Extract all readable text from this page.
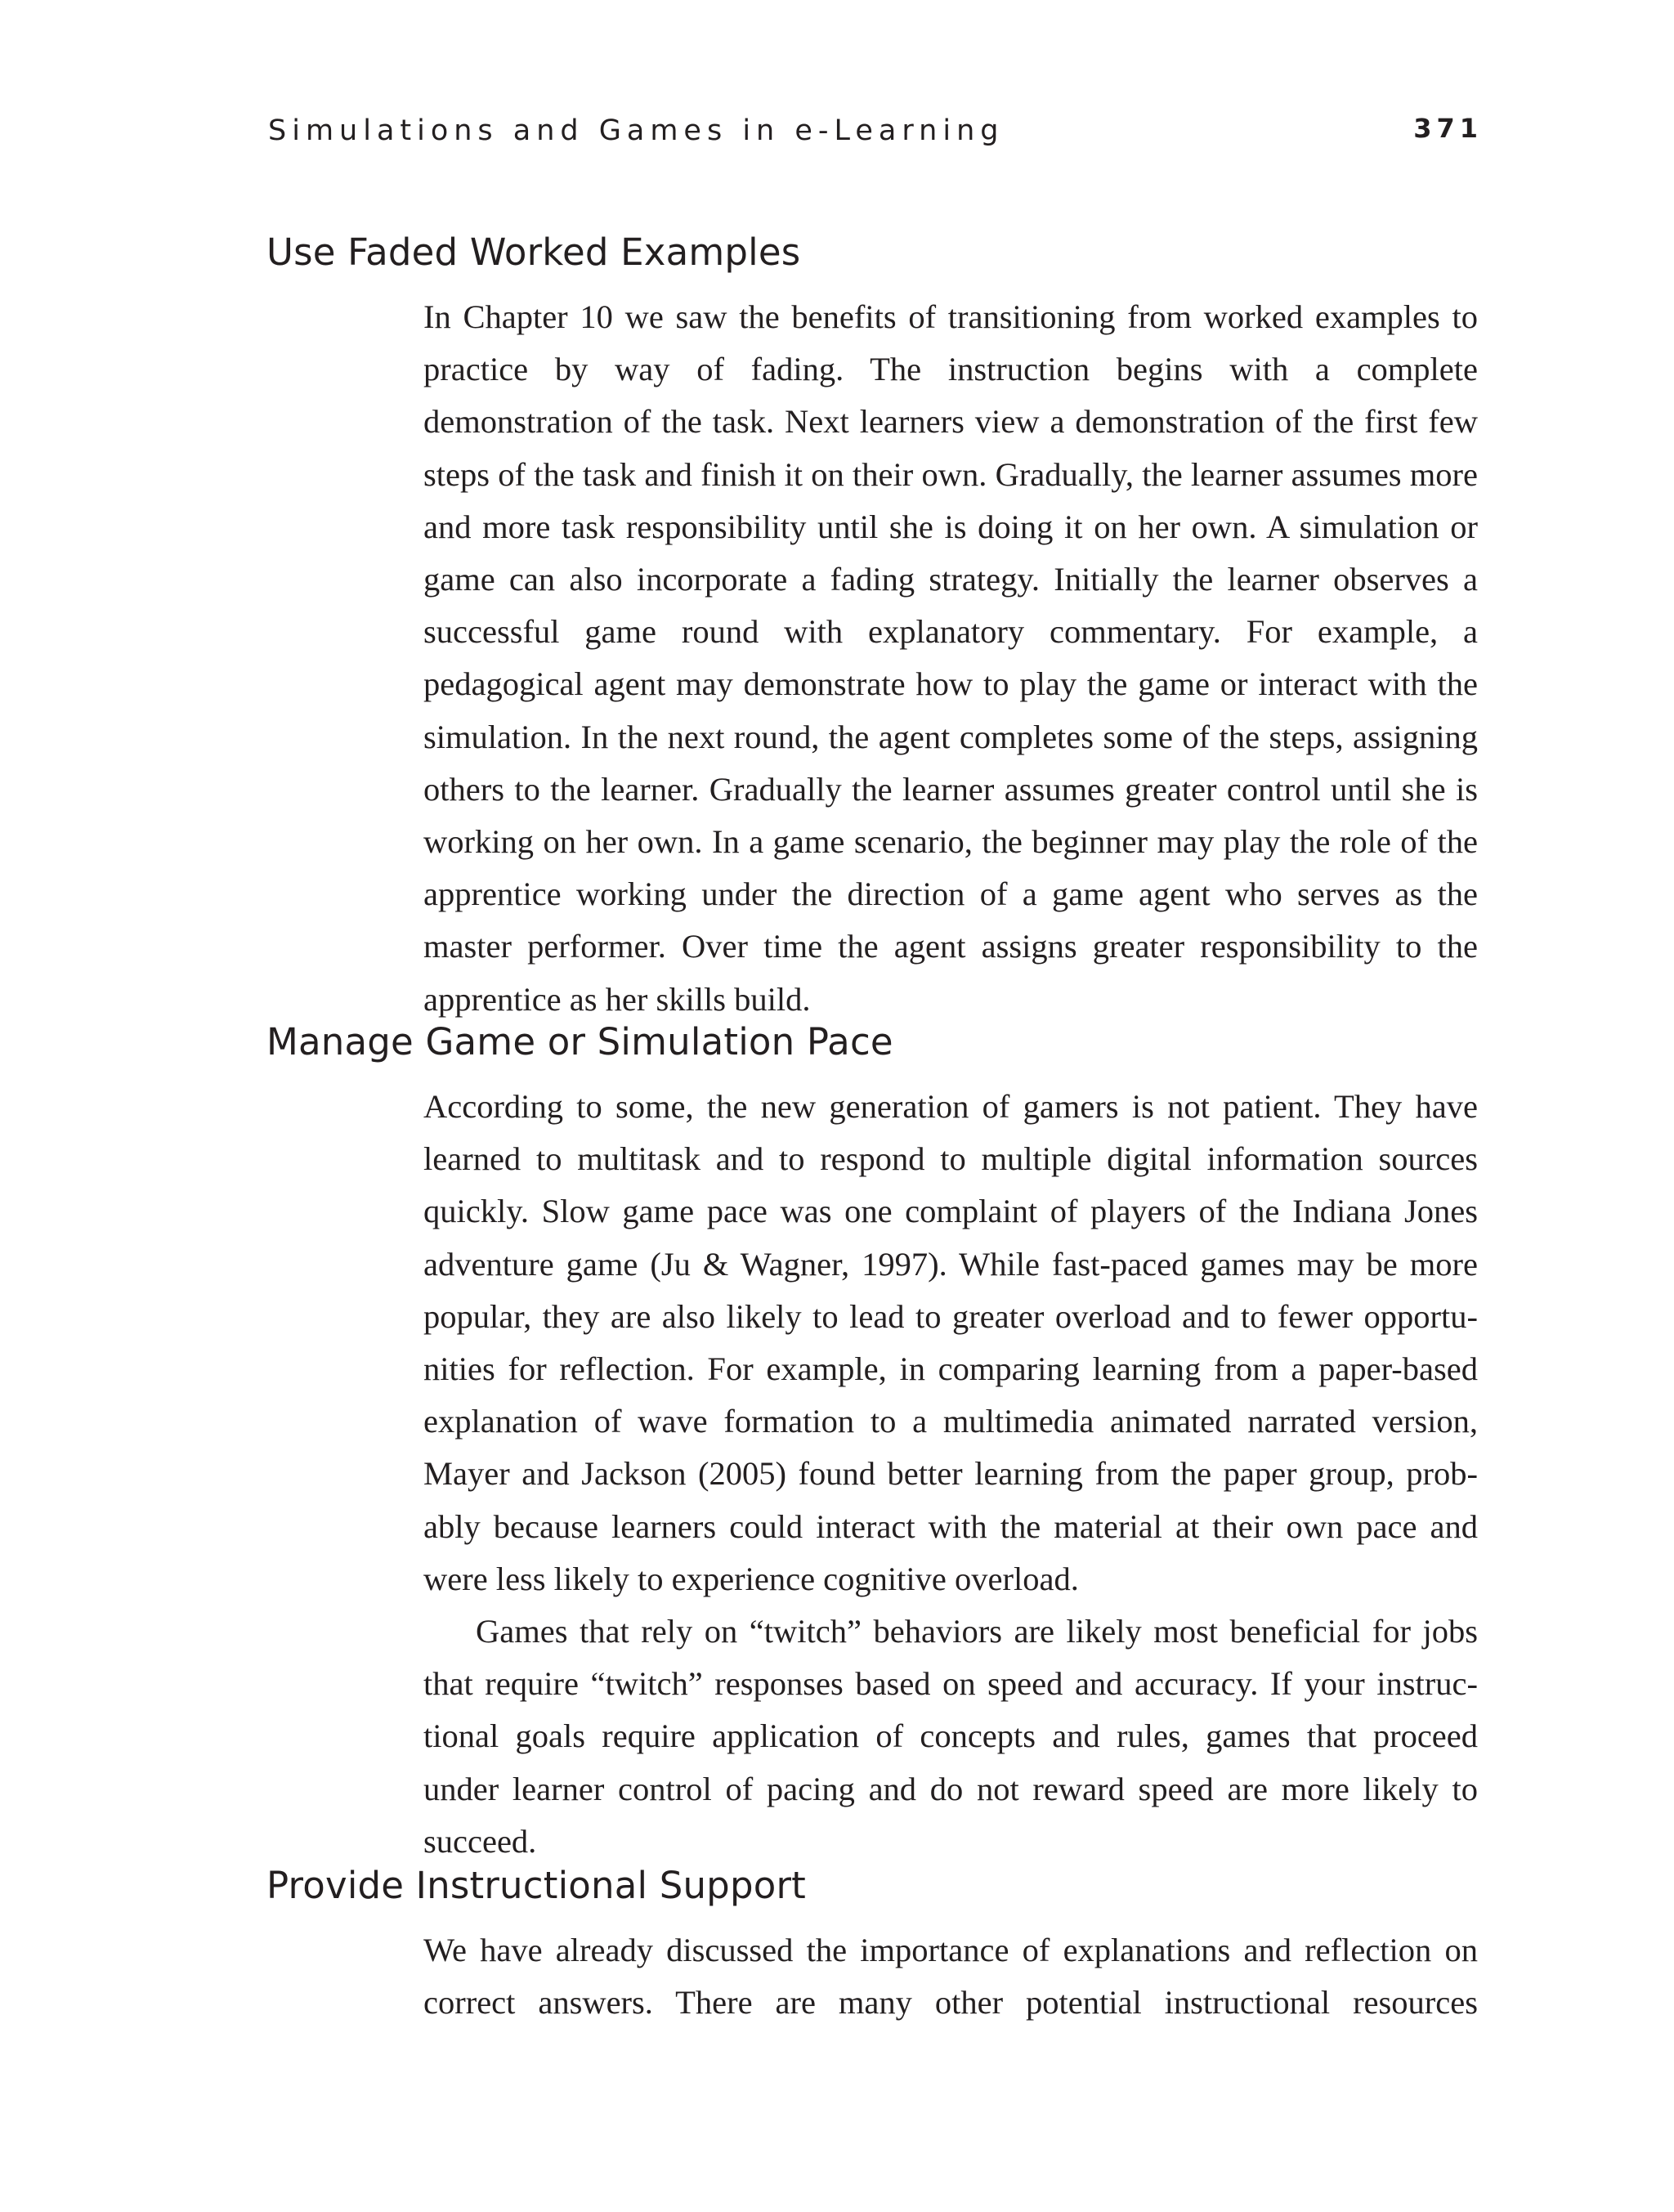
Simulations and Games in e-Learning	371
Use Faded Worked Examples

In Chapter 10 we saw the benefits of transitioning from worked examples to practice by way of fading. The instruction begins with a complete demonstration of the task. Next learners view a demonstration of the first few steps of the task and finish it on their own. Gradually, the learner assumes more and more task responsibility until she is doing it on her own. A simulation or game can also incorporate a fading strategy. Initially the learner observes a successful game round with explanatory commentary. For example, a pedagogical agent may demonstrate how to play the game or interact with the simulation. In the next round, the agent completes some of the steps, assigning others to the learner. Gradually the learner assumes greater control until she is working on her own. In a game scenario, the beginner may play the role of the apprentice working under the direction of a game agent who serves as the master performer. Over time the agent assigns greater responsibility to the apprentice as her skills build.

Manage Game or Simulation Pace

According to some, the new generation of gamers is not patient. They have learned to multitask and to respond to multiple digital information sources quickly. Slow game pace was one complaint of players of the Indiana Jones adventure game (Ju & Wagner, 1997). While fast-paced games may be more popular, they are also likely to lead to greater overload and to fewer opportunities for reflection. For example, in comparing learning from a paper-based explanation of wave formation to a multimedia animated narrated version, Mayer and Jackson (2005) found better learning from the paper group, probably because learners could interact with the material at their own pace and were less likely to experience cognitive overload.

Games that rely on “twitch” behaviors are likely most beneficial for jobs that require “twitch” responses based on speed and accuracy. If your instructional goals require application of concepts and rules, games that proceed under learner control of pacing and do not reward speed are more likely to succeed.

Provide Instructional Support

We have already discussed the importance of explanations and reflection on correct answers. There are many other potential instructional resources
